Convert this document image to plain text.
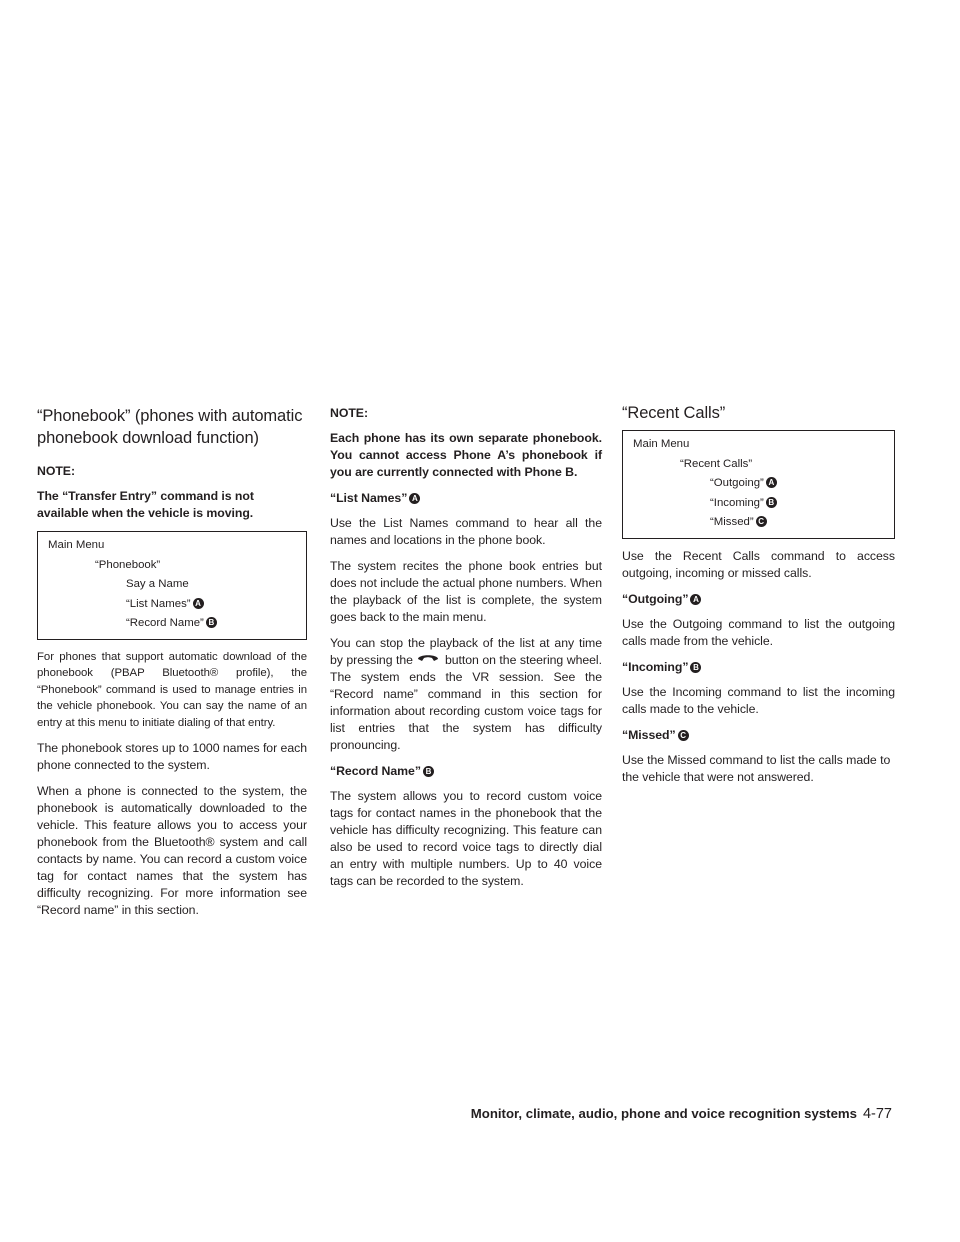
“Phonebook” (phones with automatic phonebook download function)

NOTE:

The “Transfer Entry” command is not available when the vehicle is moving.

Main Menu
“Phonebook”
Say a Name
“List Names” A
“Record Name” B

For phones that support automatic download of the phonebook (PBAP Bluetooth® profile), the “Phonebook” command is used to manage entries in the vehicle phonebook. You can say the name of an entry at this menu to initiate dialing of that entry.

The phonebook stores up to 1000 names for each phone connected to the system.

When a phone is connected to the system, the phonebook is automatically downloaded to the vehicle. This feature allows you to access your phonebook from the Bluetooth® system and call contacts by name. You can record a custom voice tag for contact names that the system has difficulty recognizing. For more information see “Record name” in this section.

NOTE:

Each phone has its own separate phonebook. You cannot access Phone A’s phonebook if you are currently connected with Phone B.

“List Names” A

Use the List Names command to hear all the names and locations in the phone book.

The system recites the phone book entries but does not include the actual phone numbers. When the playback of the list is complete, the system goes back to the main menu.

You can stop the playback of the list at any time by pressing the	button on the steering wheel. The system ends the VR session. See the “Record name” command in this section for information about recording custom voice tags for list entries that the system has difficulty pronouncing.

“Record Name” B

The system allows you to record custom voice tags for contact names in the phonebook that the vehicle has difficulty recognizing. This feature can also be used to record voice tags to directly dial an entry with multiple numbers. Up to 40 voice tags can be recorded to the system.

“Recent Calls”
Main Menu
“Recent Calls”
“Outgoing” A
“Incoming” B
“Missed” C

Use the Recent Calls command to access outgoing, incoming or missed calls.

“Outgoing” A

Use the Outgoing command to list the outgoing calls made from the vehicle.

“Incoming” B

Use the Incoming command to list the incoming calls made to the vehicle.

“Missed” C

Use the Missed command to list the calls made to the vehicle that were not answered.

Monitor, climate, audio, phone and voice recognition systems 4-77
